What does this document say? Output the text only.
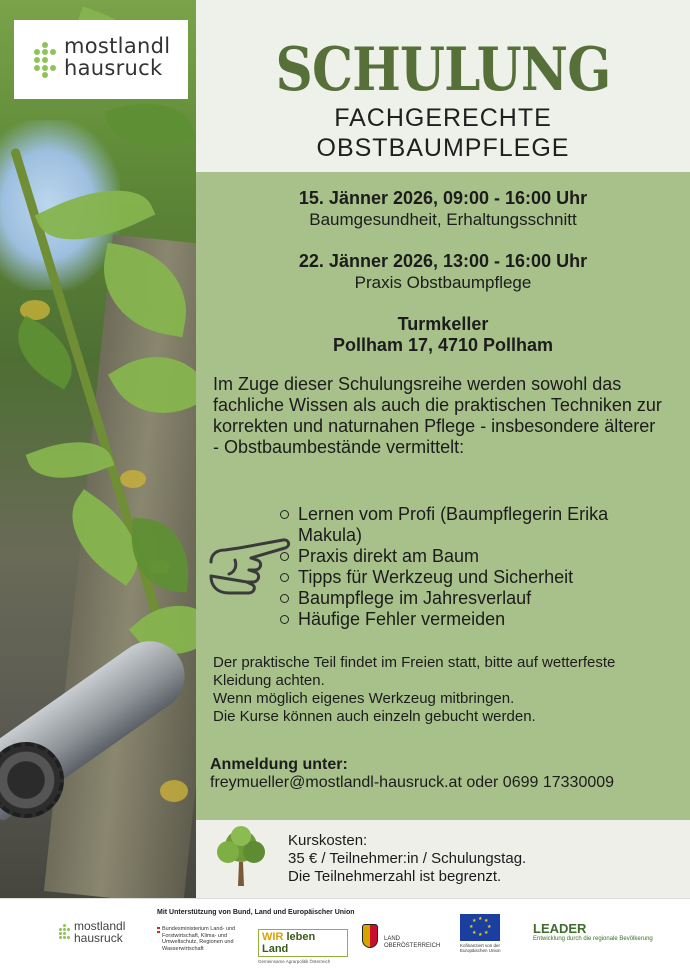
mostlandl
hausruck	SCHULUNG
FACHGERECHTE
OBSTBAUMPFLEGE
15. Jänner 2026, 09:00 - 16:00 Uhr
Baumgesundheit, Erhaltungsschnitt
22. Jänner 2026, 13:00 - 16:00 Uhr
Praxis Obstbaumpflege
Turmkeller
Pollham 17, 4710 Pollham

Im Zuge dieser Schulungsreihe werden sowohl das fachliche Wissen als auch die praktischen Techniken zur korrekten und naturnahen Pflege - insbesondere älterer - Obstbaumbestände vermittelt:

Lernen vom Profi (Baumpflegerin Erika Makula)
Praxis direkt am Baum
Tipps für Werkzeug und Sicherheit
Baumpflege im Jahresverlauf
Häufige Fehler vermeiden
Der praktische Teil findet im Freien statt, bitte auf wetterfeste Kleidung achten.
Wenn möglich eigenes Werkzeug mitbringen.
Die Kurse können auch einzeln gebucht werden.
Anmeldung unter:
freymueller@mostlandl-hausruck.at oder 0699 17330009
Kurskosten:
35 € / Teilnehmer:in / Schulungstag.
Die Teilnehmerzahl ist begrenzt.
Mit Unterstützung von Bund, Land und Europäischer Union
mostlandl
hausruck
Bundesministerium Land- und Forstwirtschaft, Klima- und Umweltschutz, Regionen und Wasserwirtschaft
WIR leben Land
Gemeinsame Agrarpolitik Österreich
LAND
OBERÖSTERREICH
★ ★
★
★
★
★
★
★
Kofinanziert von der Europäischen Union
LEADER
Entwicklung durch die regionale Bevölkerung
